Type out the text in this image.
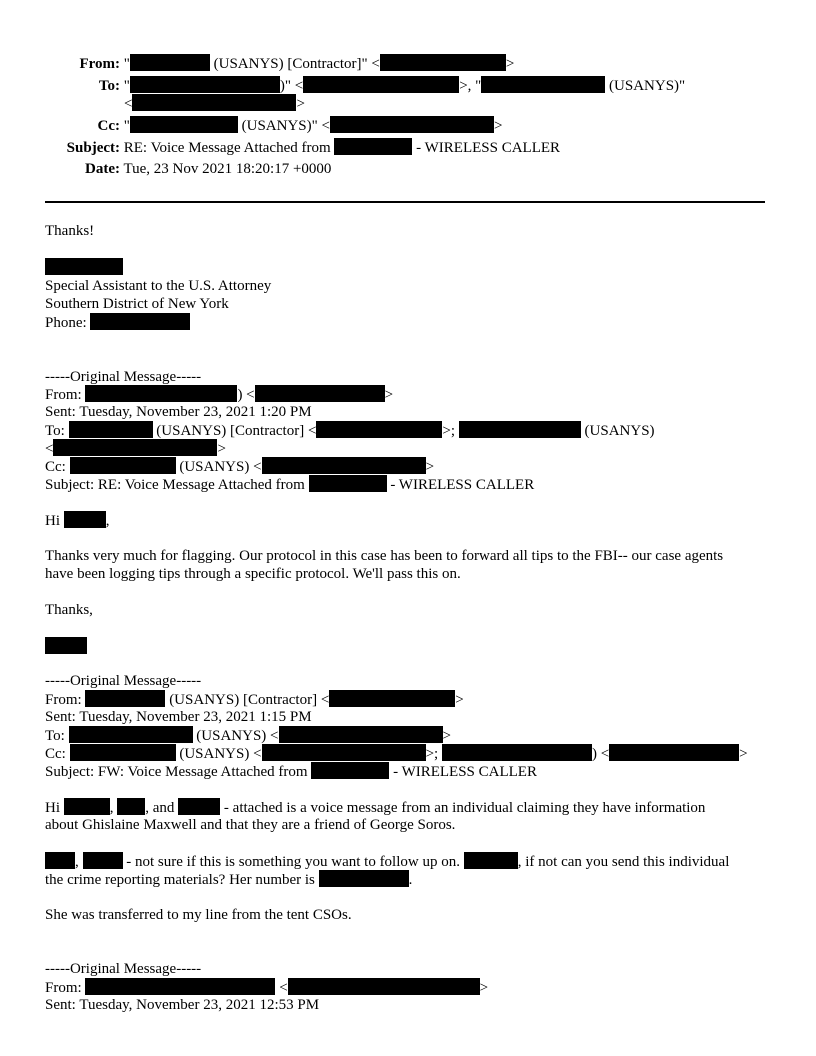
From: "	(USANYS) [Contractor]" <	>
To: "	)" <	>, "	(USANYS)"
<	>
Cc: "	(USANYS)" <	>
Subject: RE: Voice Message Attached from	- WIRELESS CALLER
Date: Tue, 23 Nov 2021 18:20:17 +0000
Thanks!
Special Assistant to the U.S. Attorney
Southern District of New York
Phone:
-----Original Message-----
From:	) <	>
Sent: Tuesday, November 23, 2021 1:20 PM
To:	(USANYS) [Contractor] <	>;	(USANYS)
<	>
Cc:	(USANYS) <	>
Subject: RE: Voice Message Attached from	- WIRELESS CALLER
Hi	,
Thanks very much for flagging. Our protocol in this case has been to forward all tips to the FBI-- our case agents
have been logging tips through a specific protocol. We'll pass this on.
Thanks,
-----Original Message-----
From:	(USANYS) [Contractor] <	>
Sent: Tuesday, November 23, 2021 1:15 PM
To:	(USANYS) <	>
Cc:	(USANYS) <	>;	) <	>
Subject: FW: Voice Message Attached from	- WIRELESS CALLER
Hi	, , and	- attached is a voice message from an individual claiming they have information
about Ghislaine Maxwell and that they are a friend of George Soros.
,	- not sure if this is something you want to follow up on.	, if not can you send this individual
the crime reporting materials? Her number is	.
She was transferred to my line from the tent CSOs.
-----Original Message-----
From:	<	>
Sent: Tuesday, November 23, 2021 12:53 PM
